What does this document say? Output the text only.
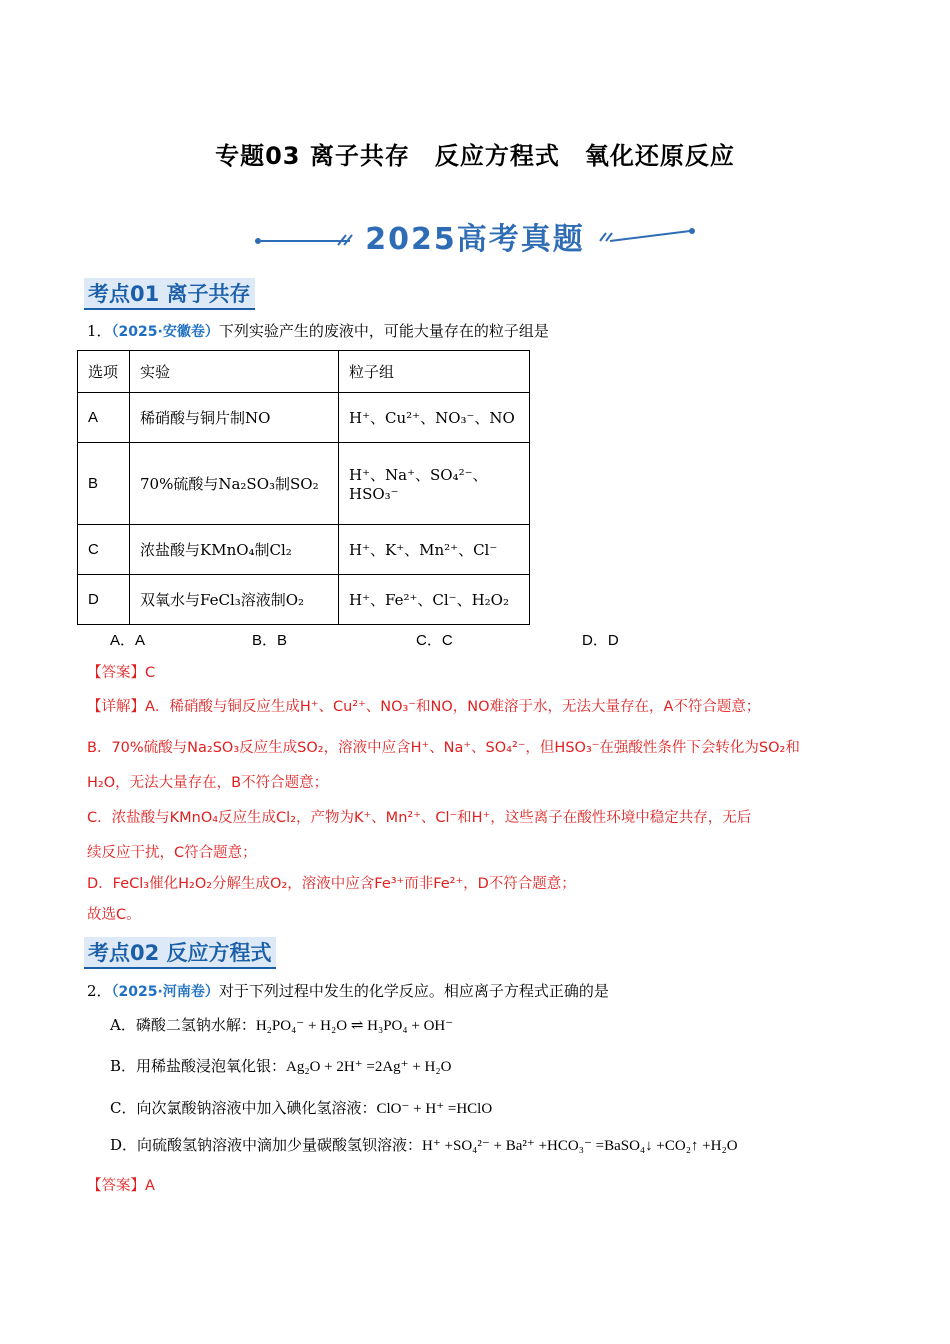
专题03 离子共存　反应方程式　氧化还原反应
2025高考真题
考点01 离子共存
1．（2025·安徽卷）下列实验产生的废液中，可能大量存在的粒子组是
选项	实验	粒子组
A	稀硝酸与铜片制NO	H⁺、Cu²⁺、NO₃⁻、NO
B	70%硫酸与Na₂SO₃制SO₂	H⁺、Na⁺、SO₄²⁻、HSO₃⁻
C	浓盐酸与KMnO₄制Cl₂	H⁺、K⁺、Mn²⁺、Cl⁻
D	双氧水与FeCl₃溶液制O₂	H⁺、Fe²⁺、Cl⁻、H₂O₂
A．A	B．B	C．C	D．D
【答案】C
【详解】A．稀硝酸与铜反应生成H⁺、Cu²⁺、NO₃⁻和NO，NO难溶于水，无法大量存在，A不符合题意；
B．70%硫酸与Na₂SO₃反应生成SO₂，溶液中应含H⁺、Na⁺、SO₄²⁻，但HSO₃⁻在强酸性条件下会转化为SO₂和
H₂O，无法大量存在，B不符合题意；
C．浓盐酸与KMnO₄反应生成Cl₂，产物为K⁺、Mn²⁺、Cl⁻和H⁺，这些离子在酸性环境中稳定共存，无后
续反应干扰，C符合题意；
D．FeCl₃催化H₂O₂分解生成O₂，溶液中应含Fe³⁺而非Fe²⁺，D不符合题意；
故选C。
考点02 反应方程式
2．（2025·河南卷）对于下列过程中发生的化学反应。相应离子方程式正确的是
A．磷酸二氢钠水解：H₂PO₄⁻ + H₂O ⇌ H₃PO₄ + OH⁻
B．用稀盐酸浸泡氧化银：Ag₂O + 2H⁺ =2Ag⁺ + H₂O
C．向次氯酸钠溶液中加入碘化氢溶液：ClO⁻ + H⁺ =HClO
D．向硫酸氢钠溶液中滴加少量碳酸氢钡溶液：H⁺ +SO₄²⁻ + Ba²⁺ +HCO₃⁻ =BaSO₄↓ +CO₂↑ +H₂O
【答案】A
